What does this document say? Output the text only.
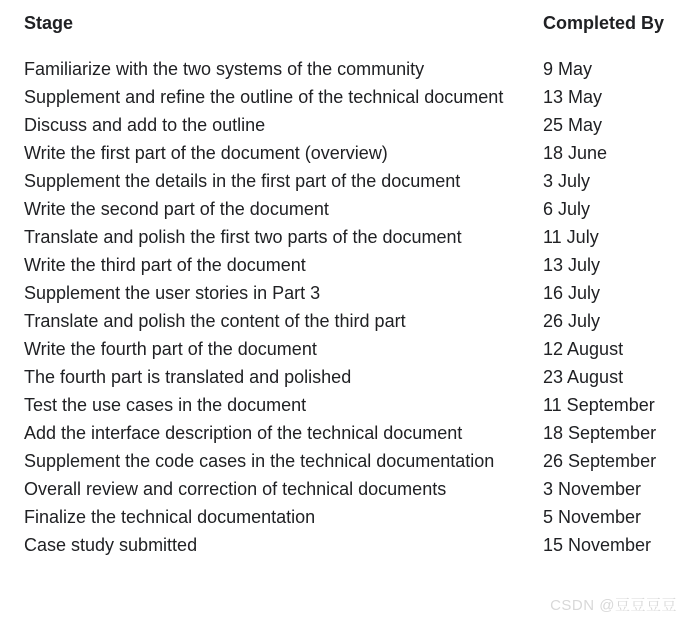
Stage	Completed By
Familiarize with the two systems of the community	9 May
Supplement and refine the outline of the technical document	13 May
Discuss and add to the outline	25 May
Write the first part of the document (overview)	18 June
Supplement the details in the first part of the document	3 July
Write the second part of the document	6 July
Translate and polish the first two parts of the document	11 July
Write the third part of the document	13 July
Supplement the user stories in Part 3	16 July
Translate and polish the content of the third part	26 July
Write the fourth part of the document	12 August
The fourth part is translated and polished	23 August
Test the use cases in the document	11 September
Add the interface description of the technical document	18 September
Supplement the code cases in the technical documentation	26 September
Overall review and correction of technical documents	3 November
Finalize the technical documentation	5 November
Case study submitted	15 November
CSDN @豆豆豆豆
